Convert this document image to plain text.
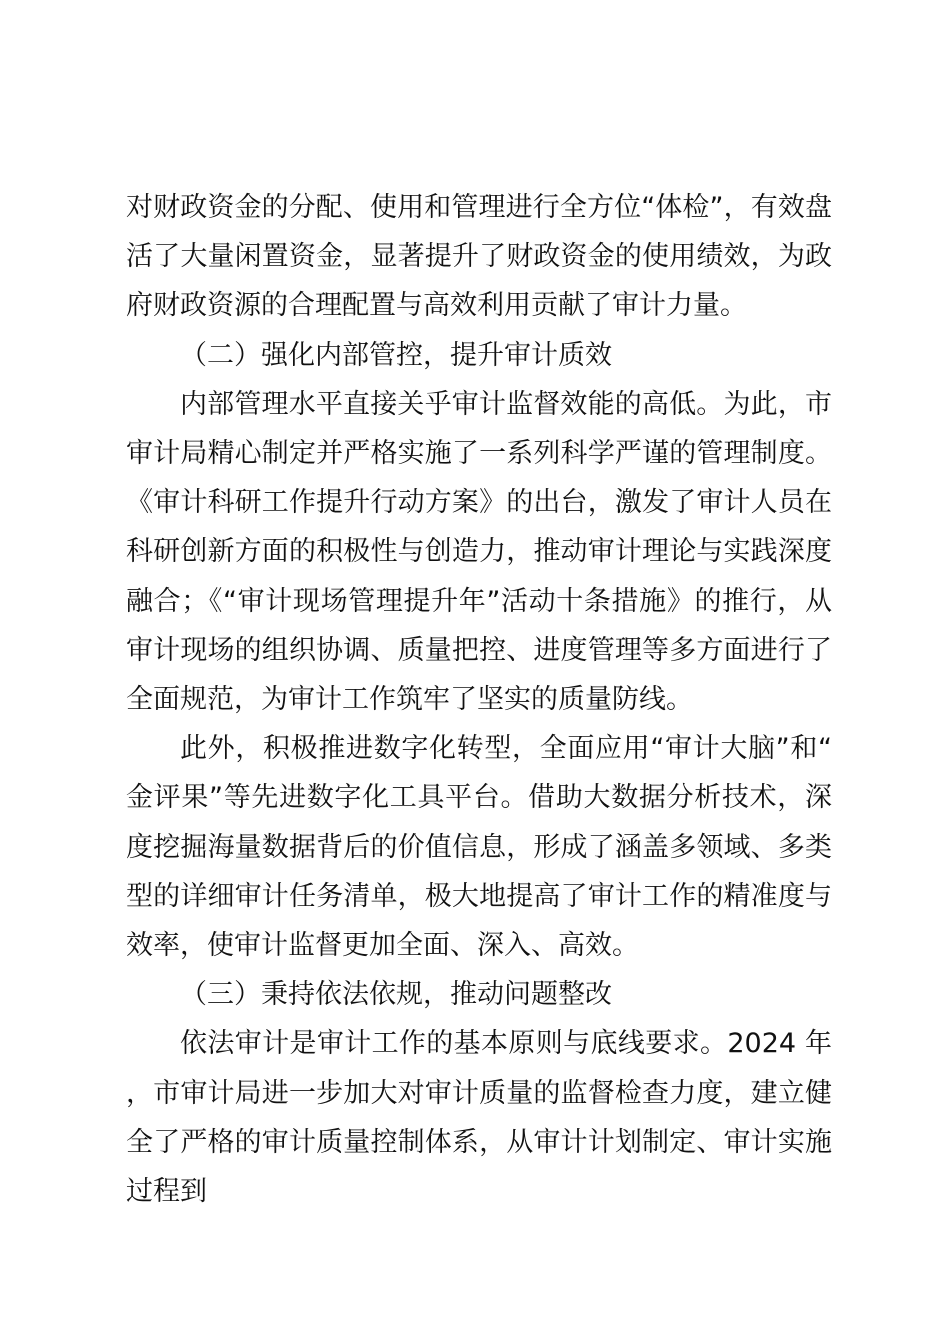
对财政资金的分配、使用和管理进行全方位“体检”，有效盘活了大量闲置资金，显著提升了财政资金的使用绩效，为政府财政资源的合理配置与高效利用贡献了审计力量。

（二）强化内部管控，提升审计质效

内部管理水平直接关乎审计监督效能的高低。为此，市审计局精心制定并严格实施了一系列科学严谨的管理制度。《审计科研工作提升行动方案》的出台，激发了审计人员在科研创新方面的积极性与创造力，推动审计理论与实践深度融合；《“审计现场管理提升年”活动十条措施》的推行，从审计现场的组织协调、质量把控、进度管理等多方面进行了全面规范，为审计工作筑牢了坚实的质量防线。

此外，积极推进数字化转型，全面应用“审计大脑”和“金评果”等先进数字化工具平台。借助大数据分析技术，深度挖掘海量数据背后的价值信息，形成了涵盖多领域、多类型的详细审计任务清单，极大地提高了审计工作的精准度与效率，使审计监督更加全面、深入、高效。

（三）秉持依法依规，推动问题整改

依法审计是审计工作的基本原则与底线要求。2024 年，市审计局进一步加大对审计质量的监督检查力度，建立健全了严格的审计质量控制体系，从审计计划制定、审计实施过程到
